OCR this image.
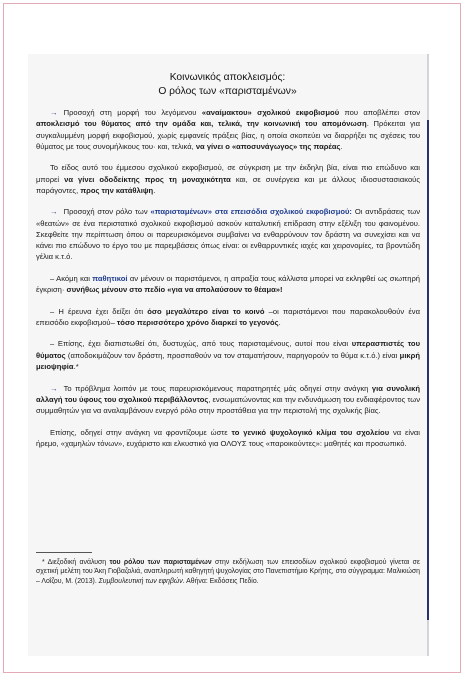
Κοινωνικός αποκλεισμός:
Ο ρόλος των «παρισταμένων»

→ Προσοχή στη μορφή του λεγόμενου «αναίμακτου» σχολικού εκφοβισμού που αποβλέπει στον αποκλεισμό του θύματος από την ομάδα και, τελικά, την κοινωνική του απομόνωση. Πρόκειται για συγκαλυμμένη μορφή εκφοβισμού, χωρίς εμφανείς πράξεις βίας, η οποία σκοπεύει να διαρρήξει τις σχέσεις του θύματος με τους συνομήλικους του· και, τελικά, να γίνει ο «αποσυνάγωγος» της παρέας.

Το είδος αυτό του έμμεσου σχολικού εκφοβισμού, σε σύγκριση με την έκδηλη βία, είναι πιο επώδυνο και μπορεί να γίνει οδοδείκτης προς τη μοναχικότητα και, σε συνέργεια και με άλλους ιδιοσυστασιακούς παράγοντες, προς την κατάθλιψη.

→ Προσοχή στον ρόλο των «παρισταμένων» στα επεισόδια σχολικού εκφοβισμού: Οι αντιδράσεις των «θεατών» σε ένα περιστατικό σχολικού εκφοβισμού ασκούν καταλυτική επίδραση στην εξέλιξη του φαινομένου. Σκεφθείτε την περίπτωση όπου οι παρευρισκόμενοι συμβαίνει να ενθαρρύνουν τον δράστη να συνεχίσει και να κάνει πιο επώδυνο το έργο του με παρεμβάσεις όπως είναι: οι ενθαρρυντικές ιαχές και χειρονομίες, τα βροντώδη γέλια κ.τ.ό.

– Ακόμη και παθητικοί αν μένουν οι παριστάμενοι, η απραξία τους κάλλιστα μπορεί να εκληφθεί ως σιωπηρή έγκριση· συνήθως μένουν στο πεδίο «για να απολαύσουν το θέαμα»!

– Η έρευνα έχει δείξει ότι όσο μεγαλύτερο είναι το κοινό –οι παριστάμενοι που παρακολουθούν ένα επεισόδιο εκφοβισμού– τόσο περισσότερο χρόνο διαρκεί το γεγονός.

– Επίσης, έχει διαπιστωθεί ότι, δυστυχώς, από τους παρισταμένους, αυτοί που είναι υπερασπιστές του θύματος (αποδοκιμάζουν τον δράστη, προσπαθούν να τον σταματήσουν, παρηγορούν το θύμα κ.τ.ό.) είναι μικρή μειοψηφία.*

→ Το πρόβλημα λοιπόν με τους παρευρισκόμενους παρατηρητές μάς οδηγεί στην ανάγκη για συνολική αλλαγή του ύφους του σχολικού περιβάλλοντος, ενσωματώνοντας και την ενδυνάμωση του ενδιαφέροντος των συμμαθητών για να αναλαμβάνουν ενεργό ρόλο στην προστάθεια για την περιστολή της σχολικής βίας.

Επίσης, οδηγεί στην ανάγκη να φροντίζουμε ώστε το γενικό ψυχολογικό κλίμα του σχολείου να είναι ήρεμο, «χαμηλών τόνων», ευχάριστο και ελκυστικό για ΟΛΟΥΣ τους «παροικούντες»: μαθητές και προσωπικό.

* Διεξοδική ανάλυση του ρόλου των παρισταμένων στην εκδήλωση των επεισοδίων σχολικού εκφοβισμού γίνεται σε σχετική μελέτη του Άκη Γιοβαζολιά, αναπληρωτή καθηγητή ψυχολογίας στο Πανεπιστήμιο Κρήτης, στο σύγγραμμα: Μαλικιώση – Λοΐζου, Μ. (2013). Συμβουλευτική των εφηβών. Αθήνα: Εκδόσεις Πεδίο.
